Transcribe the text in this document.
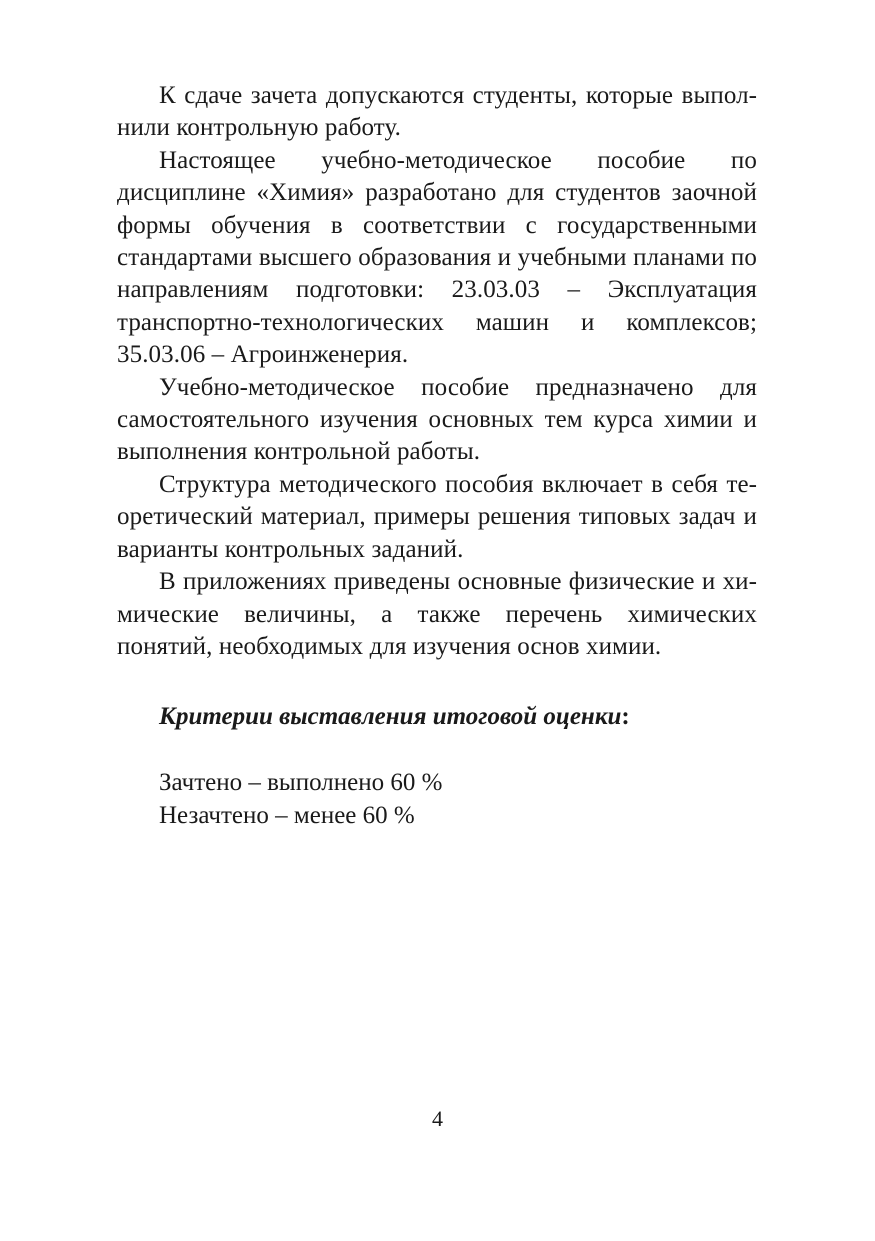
К сдаче зачета допускаются студенты, которые выполнили контрольную работу.

Настоящее учебно-методическое пособие по дисциплине «Химия» разработано для студентов заочной формы обучения в соответствии с государственными стандартами высшего образования и учебными планами по направлениям подготовки: 23.03.03 – Эксплуатация транспортно-технологических машин и комплексов; 35.03.06 – Агроинженерия.

Учебно-методическое пособие предназначено для самостоятельного изучения основных тем курса химии и выполнения контрольной работы.

Структура методического пособия включает в себя теоретический материал, примеры решения типовых задач и варианты контрольных заданий.

В приложениях приведены основные физические и химические величины, а также перечень химических понятий, необходимых для изучения основ химии.

Критерии выставления итоговой оценки:
Зачтено – выполнено 60 %
Незачтено – менее 60 %
4
